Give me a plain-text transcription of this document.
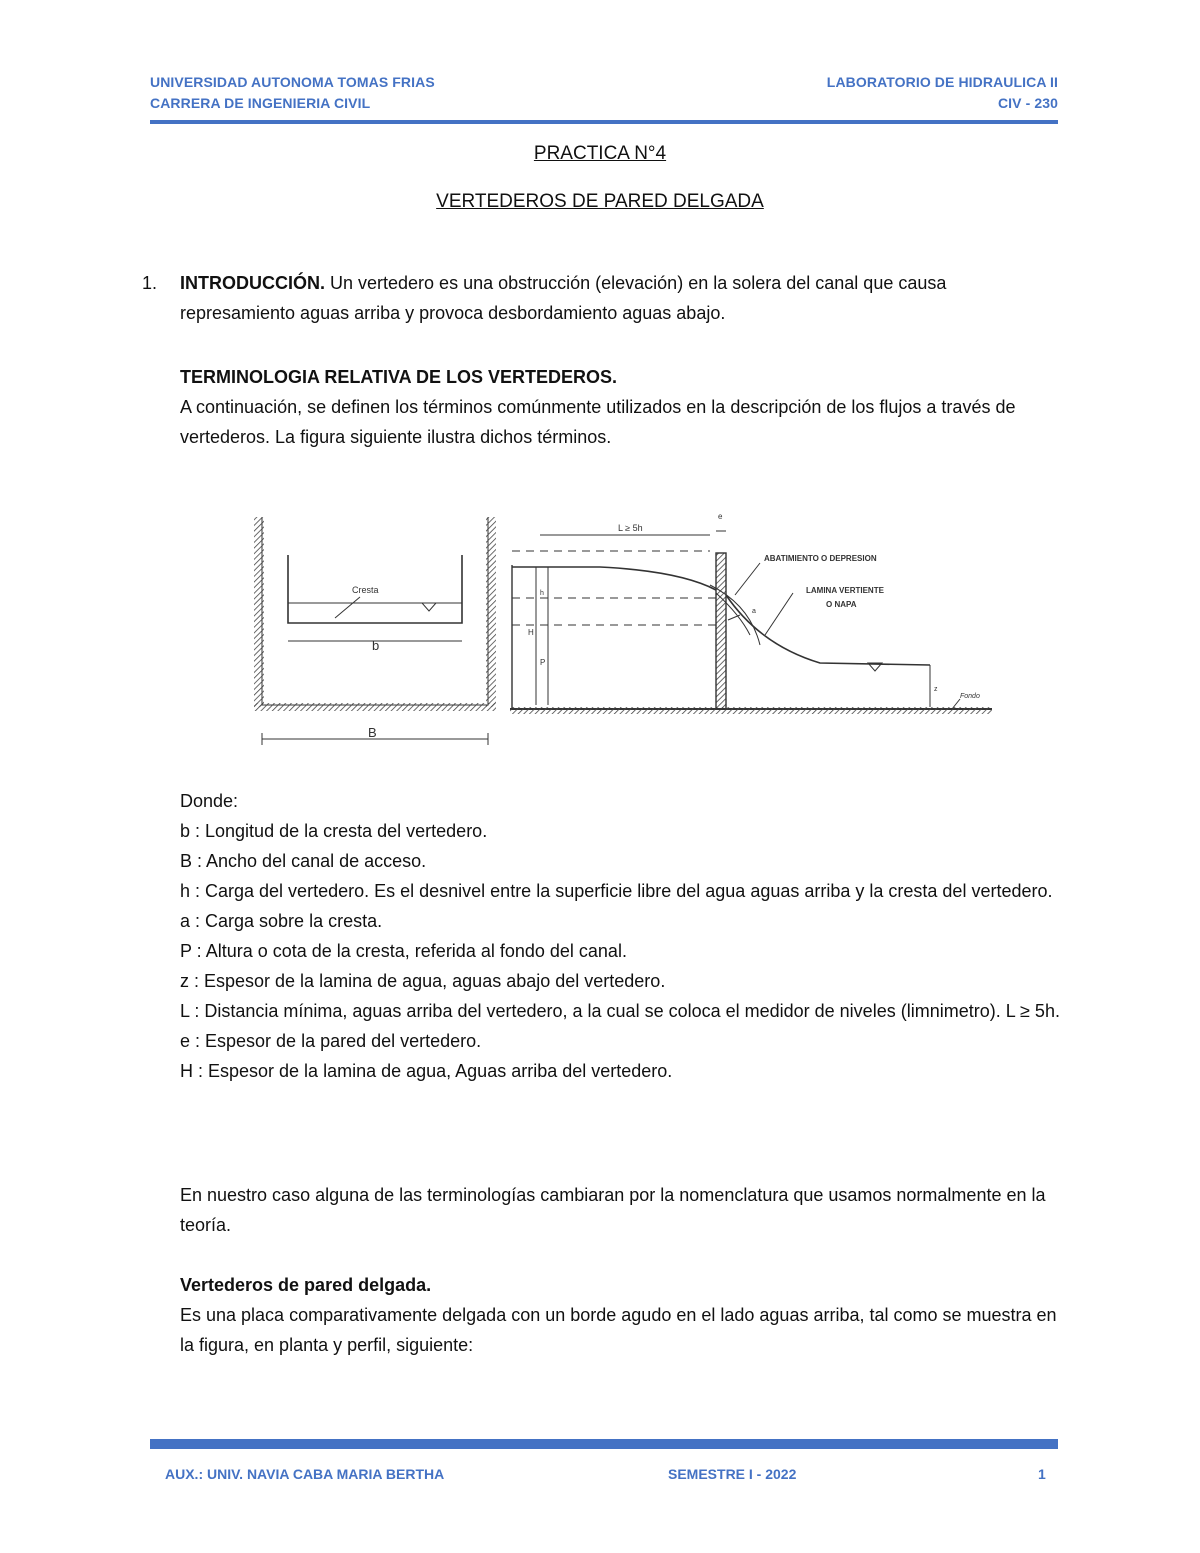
UNIVERSIDAD AUTONOMA TOMAS FRIAS
CARRERA DE INGENIERIA CIVIL
LABORATORIO DE HIDRAULICA II
CIV - 230
PRACTICA N°4
VERTEDEROS DE PARED DELGADA
1. INTRODUCCIÓN. Un vertedero es una obstrucción (elevación) en la solera del canal que causa represamiento aguas arriba y provoca desbordamiento aguas abajo.

TERMINOLOGIA RELATIVA DE LOS VERTEDEROS.

A continuación, se definen los términos comúnmente utilizados en la descripción de los flujos a través de vertederos. La figura siguiente ilustra dichos términos.

Cresta
b
B
L ≥ 5h
e
h
H
P
a
z
Fondo
ABATIMIENTO O DEPRESION
LAMINA VERTIENTE
O NAPA

Donde:

b : Longitud de la cresta del vertedero.

B : Ancho del canal de acceso.

h : Carga del vertedero. Es el desnivel entre la superficie libre del agua aguas arriba y la cresta del vertedero.

a : Carga sobre la cresta.

P : Altura o cota de la cresta, referida al fondo del canal.

z : Espesor de la lamina de agua, aguas abajo del vertedero.

L : Distancia mínima, aguas arriba del vertedero, a la cual se coloca el medidor de niveles (limnimetro). L ≥ 5h.

e : Espesor de la pared del vertedero.

H : Espesor de la lamina de agua, Aguas arriba del vertedero.

En nuestro caso alguna de las terminologías cambiaran por la nomenclatura que usamos normalmente en la teoría.

Vertederos de pared delgada.

Es una placa comparativamente delgada con un borde agudo en el lado aguas arriba, tal como se muestra en la figura, en planta y perfil, siguiente:

AUX.: UNIV. NAVIA CABA MARIA BERTHA	SEMESTRE I - 2022	1
